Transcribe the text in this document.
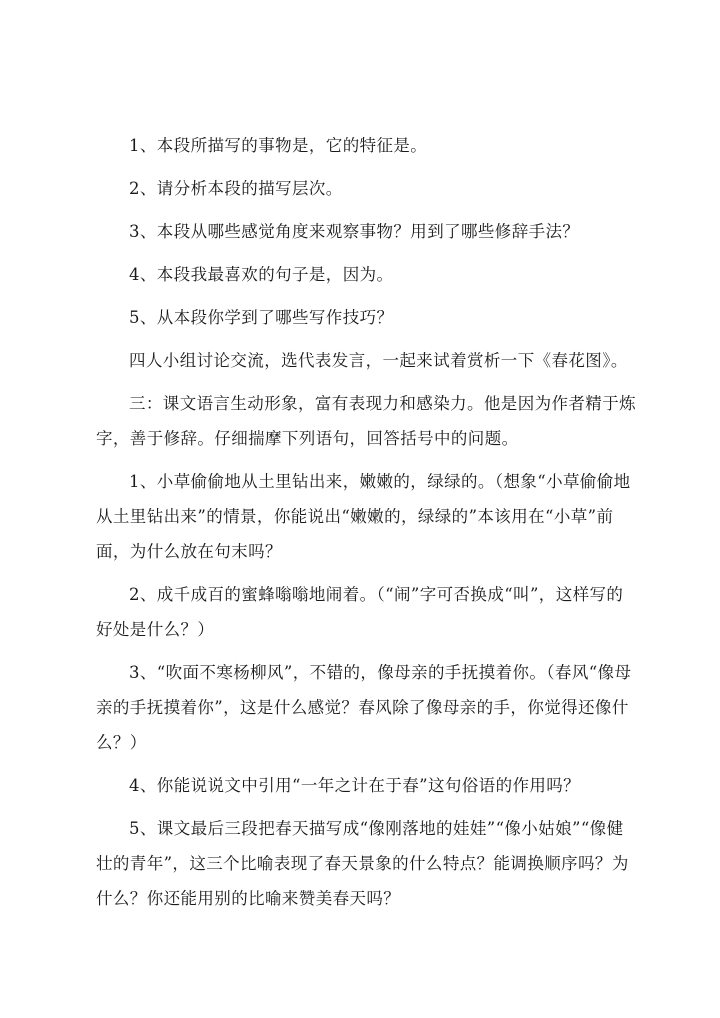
1、本段所描写的事物是，它的特征是。

2、请分析本段的描写层次。

3、本段从哪些感觉角度来观察事物？用到了哪些修辞手法？

4、本段我最喜欢的句子是，因为。

5、从本段你学到了哪些写作技巧？

四人小组讨论交流，选代表发言，一起来试着赏析一下《春花图》。

三：课文语言生动形象，富有表现力和感染力。他是因为作者精于炼字，善于修辞。仔细揣摩下列语句，回答括号中的问题。

1、小草偷偷地从土里钻出来，嫩嫩的，绿绿的。（想象“小草偷偷地从土里钻出来”的情景，你能说出“嫩嫩的，绿绿的”本该用在“小草”前面，为什么放在句末吗？

2、成千成百的蜜蜂嗡嗡地闹着。（“闹”字可否换成“叫”，这样写的好处是什么？）

3、“吹面不寒杨柳风”，不错的，像母亲的手抚摸着你。（春风“像母亲的手抚摸着你”，这是什么感觉？春风除了像母亲的手，你觉得还像什么？）

4、你能说说文中引用“一年之计在于春”这句俗语的作用吗？

5、课文最后三段把春天描写成“像刚落地的娃娃”“像小姑娘”“像健壮的青年”，这三个比喻表现了春天景象的什么特点？能调换顺序吗？为什么？你还能用别的比喻来赞美春天吗？
